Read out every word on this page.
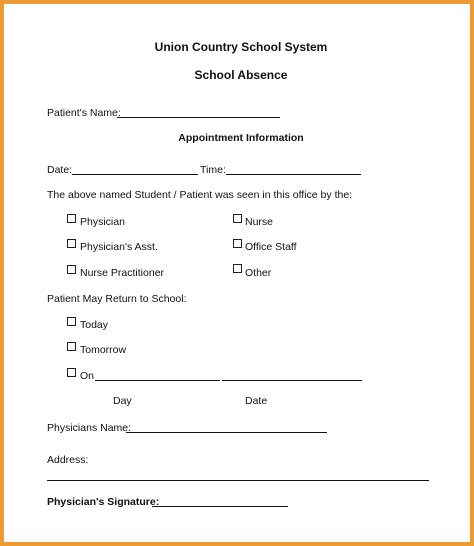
Union Country School System
School Absence
Patient's Name:
Appointment Information
Date:	Time:
The above named Student / Patient was seen in this office by the:
Physician	Nurse
Physician's Asst.	Office Staff
Nurse Practitioner	Other
Patient May Return to School:
Today
Tomorrow
On
Day	Date
Physicians Name:
Address:
Physician's Signature:
